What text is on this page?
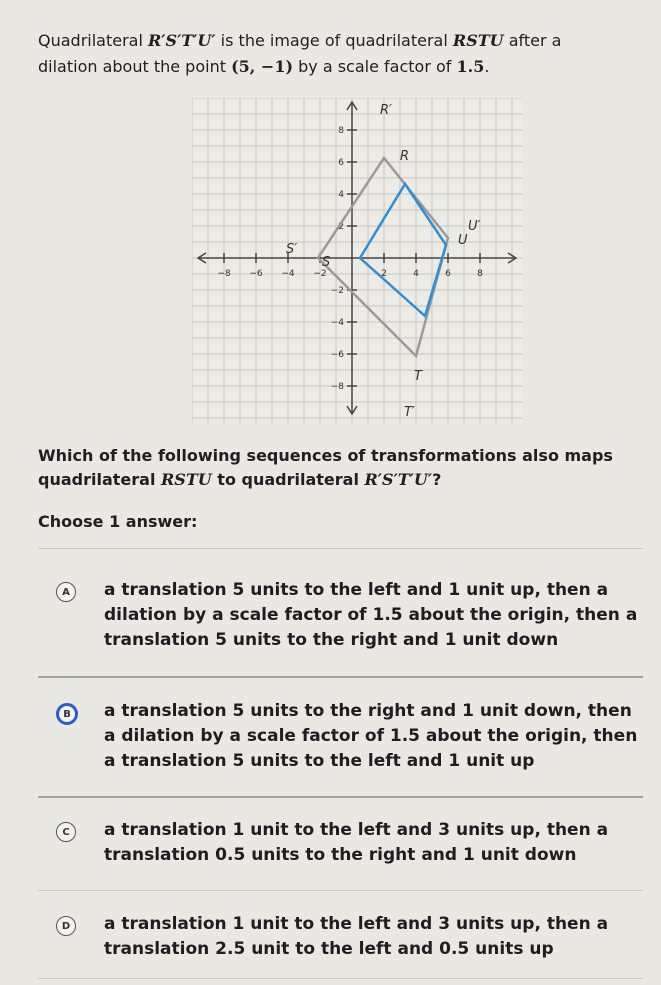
Quadrilateral R′S′T′U′ is the image of quadrilateral RSTU after a
dilation about the point (5, −1) by a scale factor of 1.5.
−8 −6 −4 −2	2	4	6	8
8
6
4
2
−2
−4
−6
−8
R′
R
U′
U
S′
S
T
T′
Which of the following sequences of transformations also maps
quadrilateral RSTU to quadrilateral R′S′T′U′?
Choose 1 answer:
A	a translation 5 units to the left and 1 unit up, then a dilation by a scale factor of 1.5 about the origin, then a translation 5 units to the right and 1 unit down
B	a translation 5 units to the right and 1 unit down, then a dilation by a scale factor of 1.5 about the origin, then a translation 5 units to the left and 1 unit up
C	a translation 1 unit to the left and 3 units up, then a translation 0.5 units to the right and 1 unit down
D	a translation 1 unit to the left and 3 units up, then a translation 2.5 unit to the left and 0.5 units up
